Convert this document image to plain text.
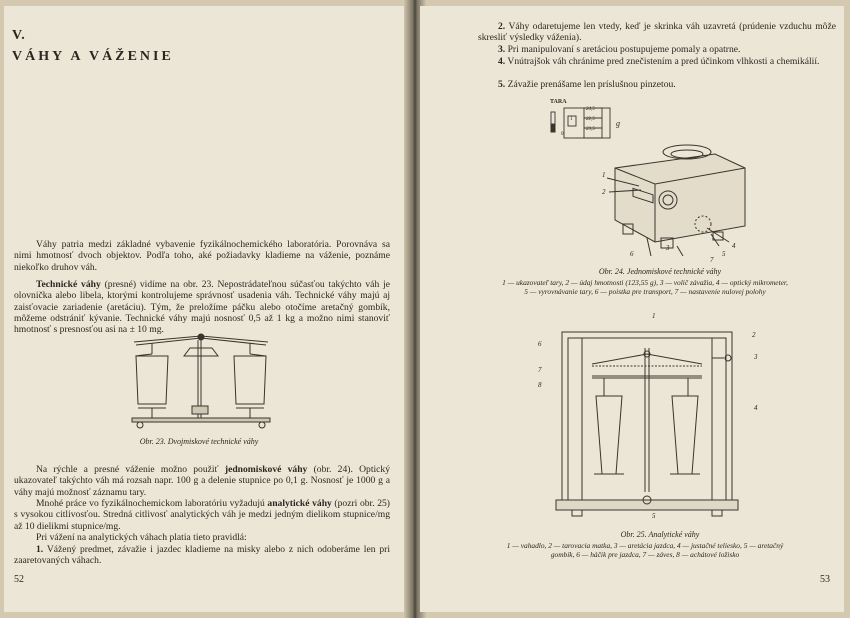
V.
VÁHY A VÁŽENIE
Váhy patria medzi základné vybavenie fyzikálnochemického laboratória. Porovnáva sa nimi hmotnosť dvoch objektov. Podľa toho, aké požiadavky kladieme na váženie, poznáme niekoľko druhov váh.
Technické váhy (presné) vidíme na obr. 23. Nepostrádateľnou súčasťou takýchto váh je olovnička alebo libela, ktorými kontrolujeme správnosť usadenia váh. Technické váhy majú aj zaisťovacie zariadenie (aretáciu). Tým, že preložíme páčku alebo otočíme aretačný gombík, môžeme odstrániť kývanie. Technické váhy majú nosnosť 0,5 až 1 kg a možno nimi stanoviť hmotnosť s presnosťou asi na ± 10 mg.
Obr. 23. Dvojmiskové technické váhy
Na rýchle a presné váženie možno použiť jednomiskové váhy (obr. 24). Optický ukazovateľ takýchto váh má rozsah napr. 100 g a delenie stupnice po 0,1 g. Nosnosť je 1000 g a váhy majú možnosť záznamu tary.
Mnohé práce vo fyzikálnochemickom laboratóriu vyžadujú analytické váhy (pozri obr. 25) s vysokou citlivosťou. Stredná citlivosť analytických váh je medzi jedným dielikom stupnice/mg až 10 dielikmi stupnice/mg.
Pri vážení na analytických váhach platia tieto pravidlá:
1. Vážený predmet, závažie i jazdec kladieme na misky alebo z nich odoberáme len pri zaaretovaných váhach.
52
2. Váhy odaretujeme len vtedy, keď je skrinka váh uzavretá (prúdenie vzduchu môže skresliť výsledky váženia).
3. Pri manipulovaní s aretáciou postupujeme pomaly a opatrne.
4. Vnútrajšok váh chránime pred znečistením a pred účinkom vlhkosti a chemikálií.
5. Závažie prenášame len príslušnou pinzetou.
TARA
24,5
22,5
23,5
g
0
1
1
2
3	4
5
6
7
Obr. 24. Jednomiskové technické váhy
1 — ukazovateľ tary, 2 — údaj hmotnosti (123,55 g), 3 — volič závažia, 4 — optický mikrometer,
5 — vyrovnávanie tary, 6 — poistka pre transport, 7 — nastavenie nulovej polohy
1
2
3
4
5
6
7
8
Obr. 25. Analytické váhy
1 — vahadlo, 2 — tarovacia matka, 3 — aretácia jazdca, 4 — justačné teliesko, 5 — aretačný
gombík, 6 — háčik pre jazdca, 7 — záves, 8 — achátové ložisko
53
